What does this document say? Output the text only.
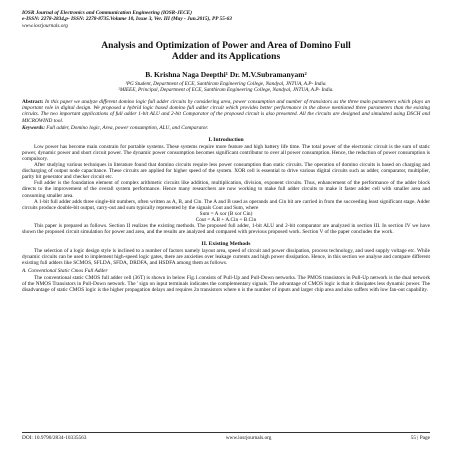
IOSR Journal of Electronics and Communication Engineering (IOSR-JECE)
e-ISSN: 2278-2834,p- ISSN: 2278-8735.Volume 10, Issue 3, Ver. III (May - Jun.2015), PP 55-63
www.iosrjournals.org
Analysis and Optimization of Power and Area of Domino Full
Adder and its Applications
B. Krishna Naga Deepthi¹ Dr. M.V.Subramanyam²
¹PG Student, Department of ECE, Santhiram Engineering College, Nandyal, JNTUA, A.P- India.
²MIEEE, Principal, Department of ECE, Santhiram Engineering College, Nandyal, JNTUA, A.P- India.
Abstract: In this paper we analyze different domino logic full adder circuits by considering area, power consumption and number of transistors as the three main parameters which plays an important role in digital design. We proposed a hybrid logic based domino full adder circuit which provides better performance in the above mentioned three parameters than the existing circuits. The two important applications of full adder 1-bit ALU and 2-bit Comparator of the proposed circuit is also presented. All the circuits are designed and simulated using DSCH and MICROWIND tool.
Keywords: Full adder, Domino logic, Area, power consumption, ALU, and Comparator.
I. Introduction
Low power has become main constrain for portable systems. These systems require more feature and high battery life time. The total power of the electronic circuit is the sum of static power, dynamic power and short circuit power. The dynamic power consumption becomes significant contributor to over all power consumption. Hence, the reduction of power consumption is compulsory.
After studying various techniques in literature found that domino circuits require less power consumption than static circuits. The operation of domino circuits is based on charging and discharging of output node capacitance. These circuits are applied for higher speed of the system. XOR cell is essential to drive various digital circuits such as adder, comparator, multiplier, parity bit generator and checker circuit etc.
Full adder is the foundation element of complex arithmetic circuits like addition, multiplication, division, exponent circuits. Thus, enhancement of the performance of the adder block directs to the improvement of the overall system performance. Hence many researchers are now working to make full adder circuits to make it faster adder cell with smaller area and consuming smaller area.
A 1-bit full adder adds three single-bit numbers, often written as A, B, and Cin. The A and B used as operands and Cin bit are carried in from the succeeding least significant stage. Adder circuits produce double-bit output, carry-out and sum typically represented by the signals Cout and Sum, where
Sum = A xor (B xor Cin)
Cout = A.B + A.Cin + B.Cin
This paper is prepared as follows. Section II realizes the existing methods. The proposed full adder, 1-bit ALU and 2-bit comparator are analyzed in section III. In section IV we have shown the proposed circuit simulation for power and area, and the results are analyzed and compared with previous proposed work. Section V of the paper concludes the work.
II. Existing Methods
The selection of a logic design style is inclined to a number of factors namely layout area, speed of circuit and power dissipation, process technology, and used supply voltage etc. While dynamic circuits can be used to implement high-speed logic gates, there are anxieties over leakage currents and high power dissipation. Hence, in this section we analyse and compare different existing full adders like SCMOS, SFLDA, SFDA, DRDFA, and HSDFA among them as follows.
A. Conventional Static Cmos Full Adder
The conventional static CMOS full adder cell (36T) is shown in below Fig.1.consists of Pull-Up and Pull-Down networks. The PMOS transistors in Pull-Up network is the dual network of the NMOS Transistors in Pull-Down network. The ' sign on input terminals indicates the complementary signals. The advantage of CMOS logic is that it dissipates less dynamic power. The disadvantage of static CMOS logic is the higher propagation delays and requires 2n transistors where n is the number of inputs and larger chip area and also suffers with low fan-out capability.
DOI: 10.9790/2834-10335563	www.iosrjournals.org	55 | Page
